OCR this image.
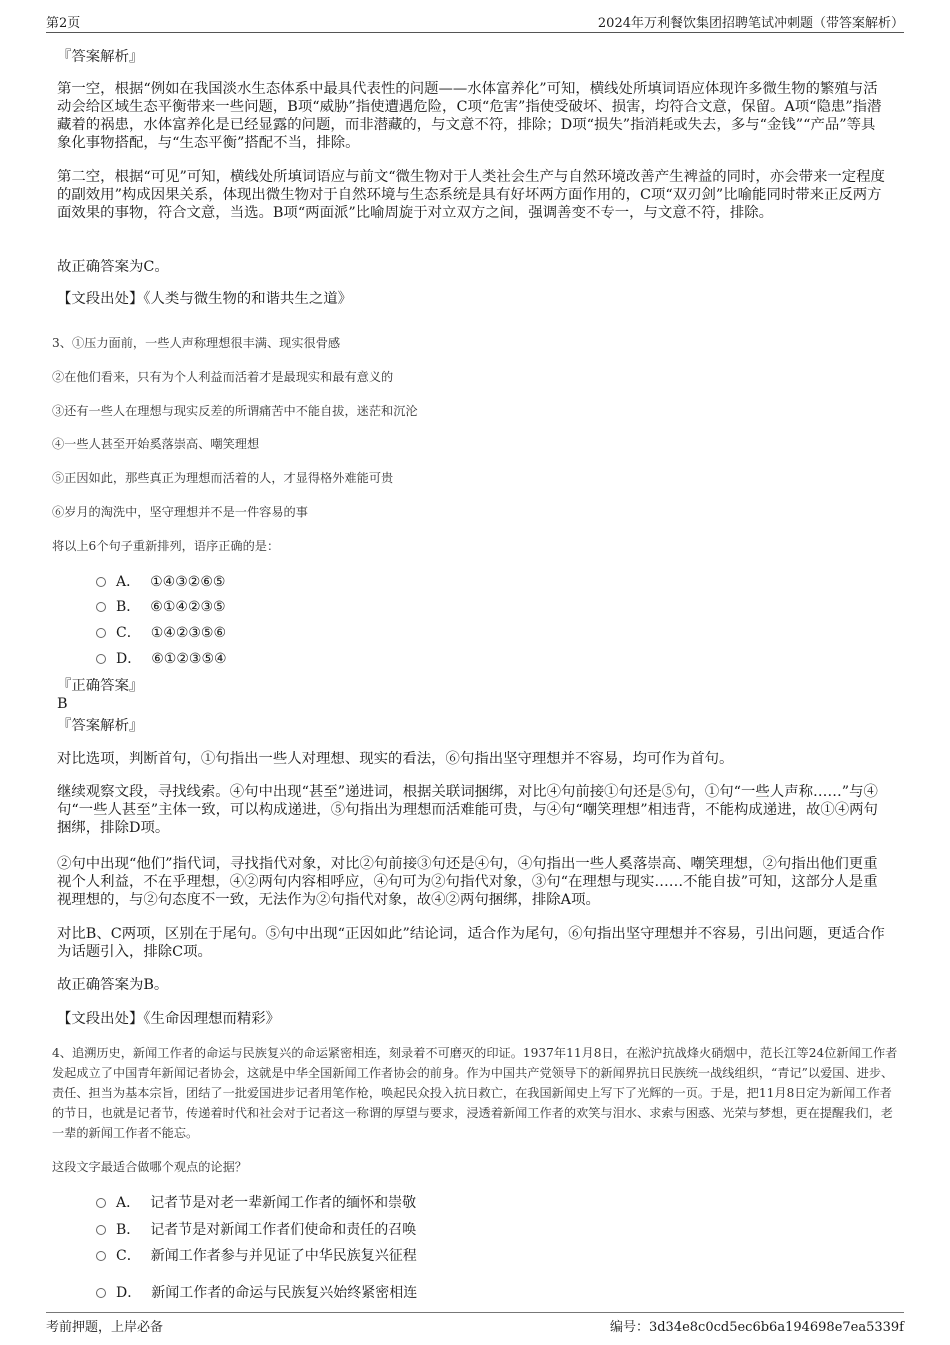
第2页	2024年万利餐饮集团招聘笔试冲刺题（带答案解析）

『答案解析』

第一空，根据“例如在我国淡水生态体系中最具代表性的问题——水体富养化”可知，横线处所填词语应体现许多微生物的繁殖与活动会给区域生态平衡带来一些问题，B项“威胁”指使遭遇危险，C项“危害”指使受破坏、损害，均符合文意，保留。A项“隐患”指潜藏着的祸患，水体富养化是已经显露的问题，而非潜藏的，与文意不符，排除；D项“损失”指消耗或失去，多与“金钱”“产品”等具象化事物搭配，与“生态平衡”搭配不当，排除。

第二空，根据“可见”可知，横线处所填词语应与前文“微生物对于人类社会生产与自然环境改善产生裨益的同时，亦会带来一定程度的副效用”构成因果关系，体现出微生物对于自然环境与生态系统是具有好坏两方面作用的，C项“双刃剑”比喻能同时带来正反两方面效果的事物，符合文意，当选。B项“两面派”比喻周旋于对立双方之间，强调善变不专一，与文意不符，排除。

故正确答案为C。

【文段出处】《人类与微生物的和谐共生之道》

3、①压力面前，一些人声称理想很丰满、现实很骨感

②在他们看来，只有为个人利益而活着才是最现实和最有意义的

③还有一些人在理想与现实反差的所谓痛苦中不能自拔，迷茫和沉沦

④一些人甚至开始奚落崇高、嘲笑理想

⑤正因如此，那些真正为理想而活着的人，才显得格外难能可贵

⑥岁月的淘洗中，坚守理想并不是一件容易的事

将以上6个句子重新排列，语序正确的是：

A． ①④③②⑥⑤
B． ⑥①④②③⑤
C． ①④②③⑤⑥
D． ⑥①②③⑤④

『正确答案』

B

『答案解析』

对比选项，判断首句，①句指出一些人对理想、现实的看法，⑥句指出坚守理想并不容易，均可作为首句。

继续观察文段，寻找线索。④句中出现“甚至”递进词，根据关联词捆绑，对比④句前接①句还是⑤句，①句“一些人声称……”与④句“一些人甚至”主体一致，可以构成递进，⑤句指出为理想而活难能可贵，与④句“嘲笑理想”相违背，不能构成递进，故①④两句捆绑，排除D项。

②句中出现“他们”指代词，寻找指代对象，对比②句前接③句还是④句，④句指出一些人奚落崇高、嘲笑理想，②句指出他们更重视个人利益，不在乎理想，④②两句内容相呼应，④句可为②句指代对象，③句“在理想与现实……不能自拔”可知，这部分人是重视理想的，与②句态度不一致，无法作为②句指代对象，故④②两句捆绑，排除A项。

对比B、C两项，区别在于尾句。⑤句中出现“正因如此”结论词，适合作为尾句，⑥句指出坚守理想并不容易，引出问题，更适合作为话题引入，排除C项。

故正确答案为B。

【文段出处】《生命因理想而精彩》

4、追溯历史，新闻工作者的命运与民族复兴的命运紧密相连，刻录着不可磨灭的印证。1937年11月8日，在淞沪抗战烽火硝烟中，范长江等24位新闻工作者发起成立了中国青年新闻记者协会，这就是中华全国新闻工作者协会的前身。作为中国共产党领导下的新闻界抗日民族统一战线组织，“青记”以爱国、进步、责任、担当为基本宗旨，团结了一批爱国进步记者用笔作枪，唤起民众投入抗日救亡，在我国新闻史上写下了光辉的一页。于是，把11月8日定为新闻工作者的节日，也就是记者节，传递着时代和社会对于记者这一称谓的厚望与要求，浸透着新闻工作者的欢笑与泪水、求索与困惑、光荣与梦想，更在提醒我们，老一辈的新闻工作者不能忘。

这段文字最适合做哪个观点的论据？

A． 记者节是对老一辈新闻工作者的缅怀和崇敬
B． 记者节是对新闻工作者们使命和责任的召唤
C． 新闻工作者参与并见证了中华民族复兴征程
D． 新闻工作者的命运与民族复兴始终紧密相连
考前押题，上岸必备	编号：3d34e8c0cd5ec6b6a194698e7ea5339f
